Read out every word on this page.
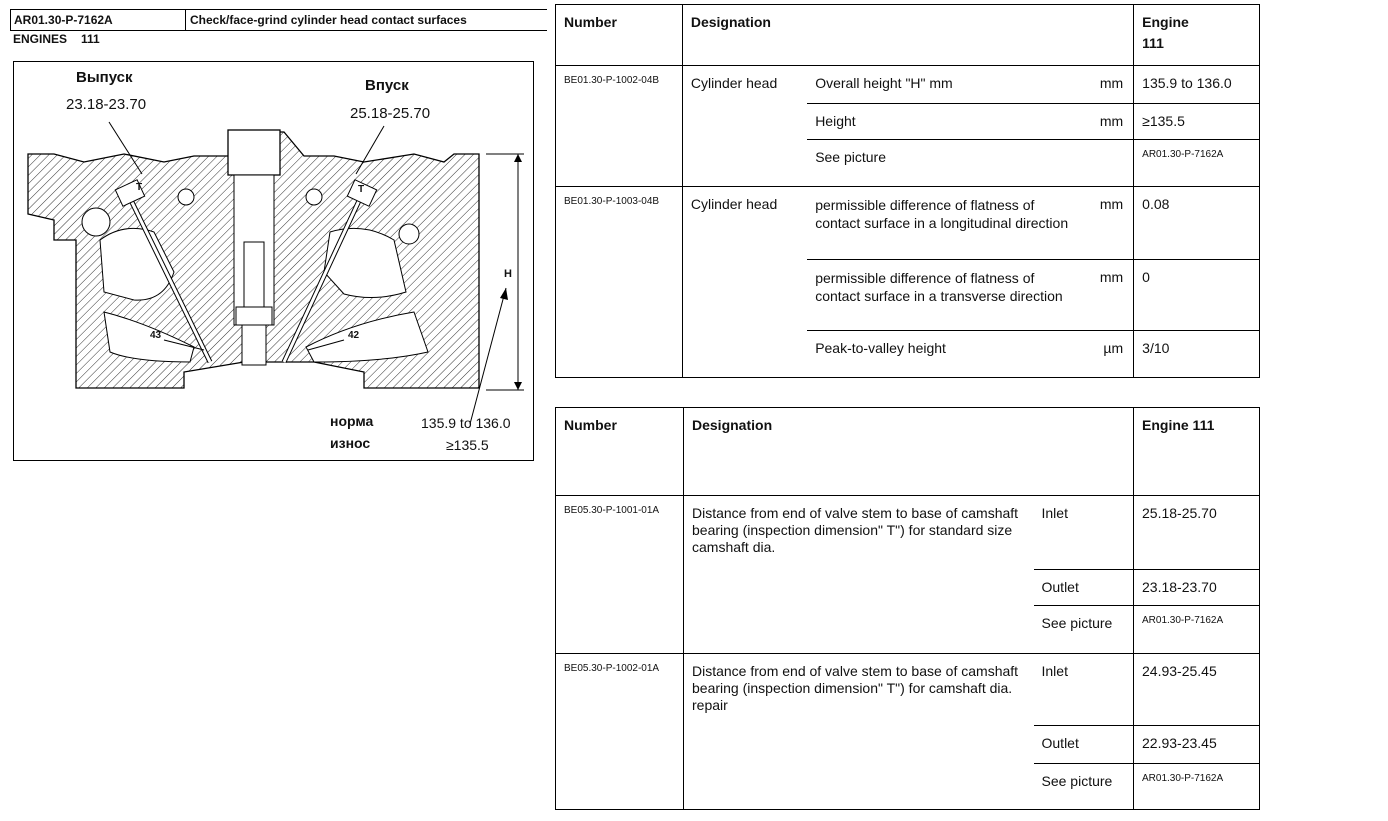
AR01.30-P-7162A	Check/face-grind cylinder head contact surfaces
ENGINES 111
Выпуск
23.18-23.70
Впуск
25.18-25.70
T	T
H
43	42
норма	135.9 to 136.0
износ	≥135.5
Number	Designation			Engine
111

BE01.30-P-1002-04B	Cylinder head	Overall height "H" mm	mm	135.9 to 136.0
		Height	mm	≥135.5
		See picture		AR01.30-P-7162A
BE01.30-P-1003-04B	Cylinder head	permissible difference of flatness of contact surface in a longitudinal direction	mm	0.08
		permissible difference of flatness of contact surface in a transverse direction	mm	0
		Peak-to-valley height	µm	3/10
Number	Designation		Engine 111
BE05.30-P-1001-01A	Distance from end of valve stem to base of camshaft bearing (inspection dimension" T") for standard size camshaft dia.	Inlet	25.18-25.70
		Outlet	23.18-23.70
		See picture	AR01.30-P-7162A
BE05.30-P-1002-01A	Distance from end of valve stem to base of camshaft bearing (inspection dimension" T") for camshaft dia. repair	Inlet	24.93-25.45
		Outlet	22.93-23.45
		See picture	AR01.30-P-7162A
